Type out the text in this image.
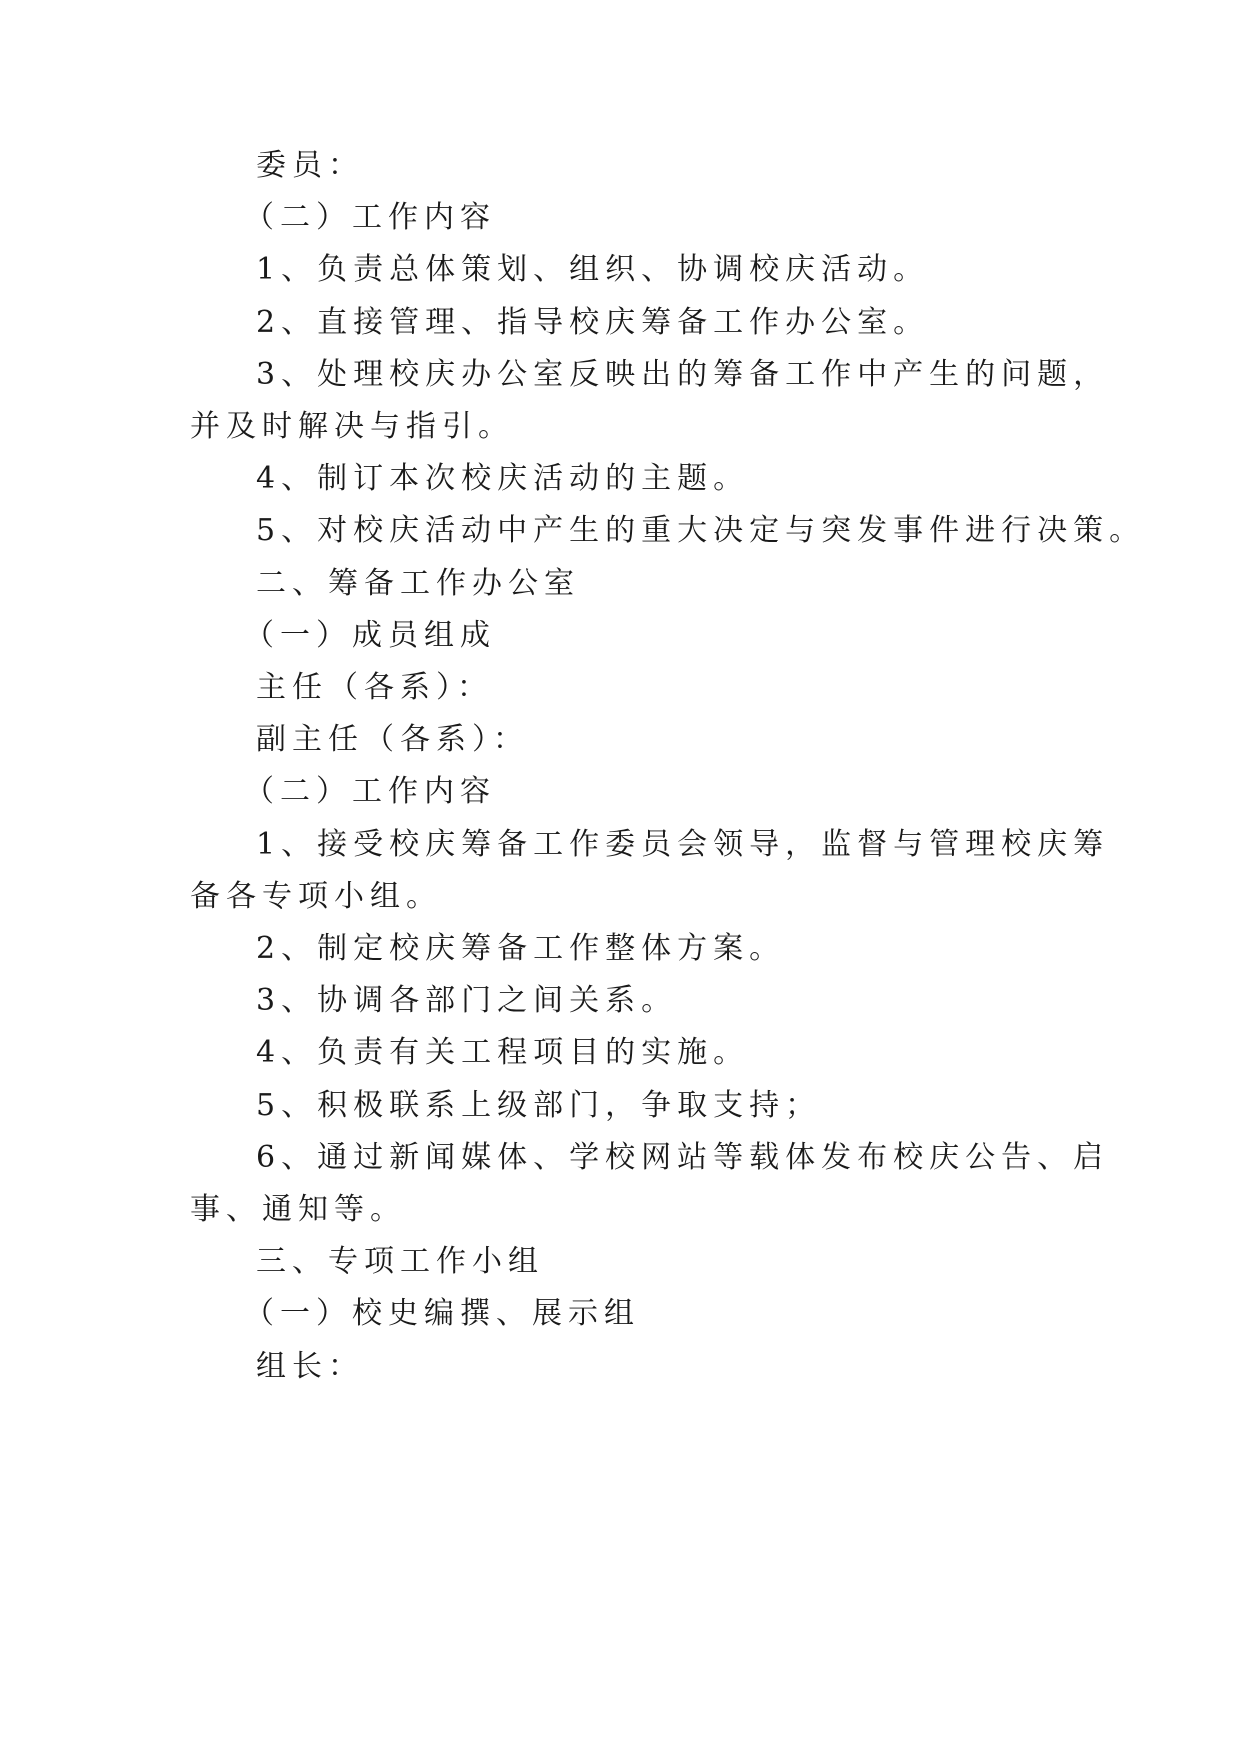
委员：
（二）工作内容
1、负责总体策划、组织、协调校庆活动。
2、直接管理、指导校庆筹备工作办公室。
3、处理校庆办公室反映出的筹备工作中产生的问题，
并及时解决与指引。
4、制订本次校庆活动的主题。
5、对校庆活动中产生的重大决定与突发事件进行决策。
二、筹备工作办公室
（一）成员组成
主任（各系）：
副主任（各系）：
（二）工作内容
1、接受校庆筹备工作委员会领导，监督与管理校庆筹
备各专项小组。
2、制定校庆筹备工作整体方案。
3、协调各部门之间关系。
4、负责有关工程项目的实施。
5、积极联系上级部门，争取支持；
6、通过新闻媒体、学校网站等载体发布校庆公告、启
事、通知等。
三、专项工作小组
（一）校史编撰、展示组
组长：
